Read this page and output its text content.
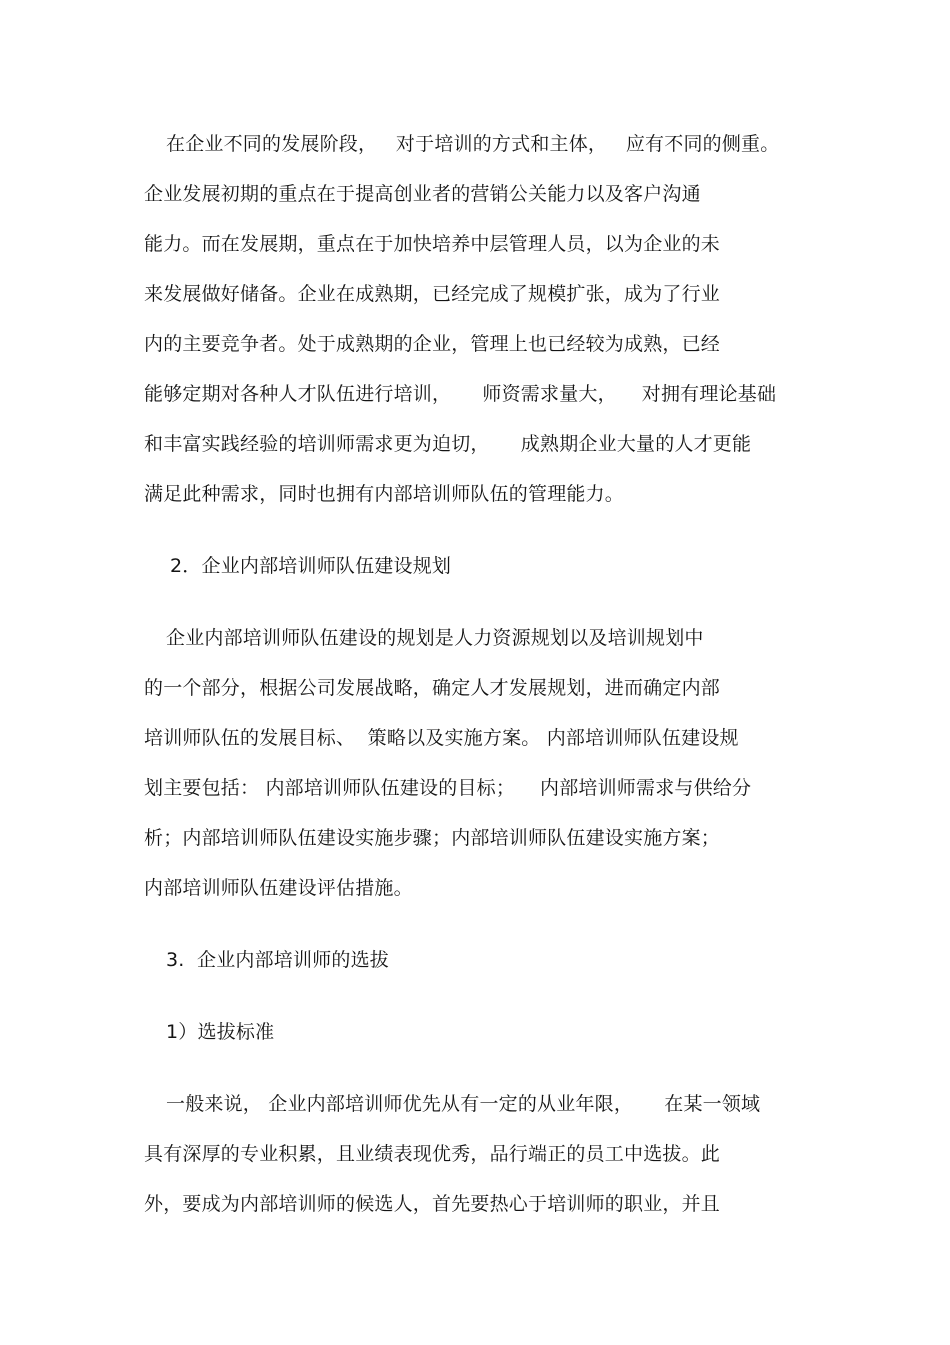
在企业不同的发展阶段，   对于培训的方式和主体，   应有不同的侧重。
企业发展初期的重点在于提高创业者的营销公关能力以及客户沟通
能力。而在发展期，重点在于加快培养中层管理人员，以为企业的未
来发展做好储备。企业在成熟期，已经完成了规模扩张，成为了行业
内的主要竞争者。处于成熟期的企业，管理上也已经较为成熟，已经
能够定期对各种人才队伍进行培训，     师资需求量大，    对拥有理论基础
和丰富实践经验的培训师需求更为迫切，     成熟期企业大量的人才更能
满足此种需求，同时也拥有内部培训师队伍的管理能力。
2．企业内部培训师队伍建设规划
企业内部培训师队伍建设的规划是人力资源规划以及培训规划中
的一个部分，根据公司发展战略，确定人才发展规划，进而确定内部
培训师队伍的发展目标、  策略以及实施方案。 内部培训师队伍建设规
划主要包括： 内部培训师队伍建设的目标；    内部培训师需求与供给分
析；内部培训师队伍建设实施步骤；内部培训师队伍建设实施方案；
内部培训师队伍建设评估措施。
3.  企业内部培训师的选拔
1）选拔标准
一般来说， 企业内部培训师优先从有一定的从业年限，     在某一领域
具有深厚的专业积累，且业绩表现优秀，品行端正的员工中选拔。此
外，要成为内部培训师的候选人，首先要热心于培训师的职业，并且
